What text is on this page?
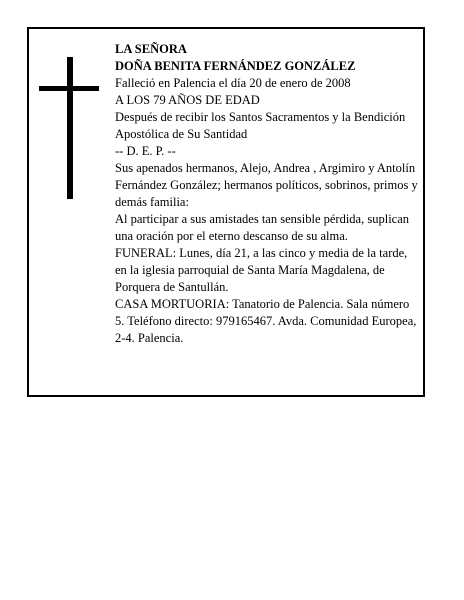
LA SEÑORA

DOÑA BENITA FERNÁNDEZ GONZÁLEZ

Falleció en Palencia el día 20 de enero de 2008

A LOS 79 AÑOS DE EDAD

Después de recibir los Santos Sacramentos y la Bendición Apostólica de Su Santidad

-- D. E. P. --

Sus apenados hermanos, Alejo, Andrea , Argimiro y Antolín Fernández González; hermanos políticos, sobrinos, primos y demás familia:

Al participar a sus amistades tan sensible pérdida, suplican una oración por el eterno descanso de su alma.

FUNERAL: Lunes, día 21, a las cinco y media de la tarde, en la iglesia parroquial de Santa María Magdalena, de Porquera de Santullán.

CASA MORTUORIA: Tanatorio de Palencia. Sala número 5. Teléfono directo: 979165467. Avda. Comunidad Europea, 2-4. Palencia.
